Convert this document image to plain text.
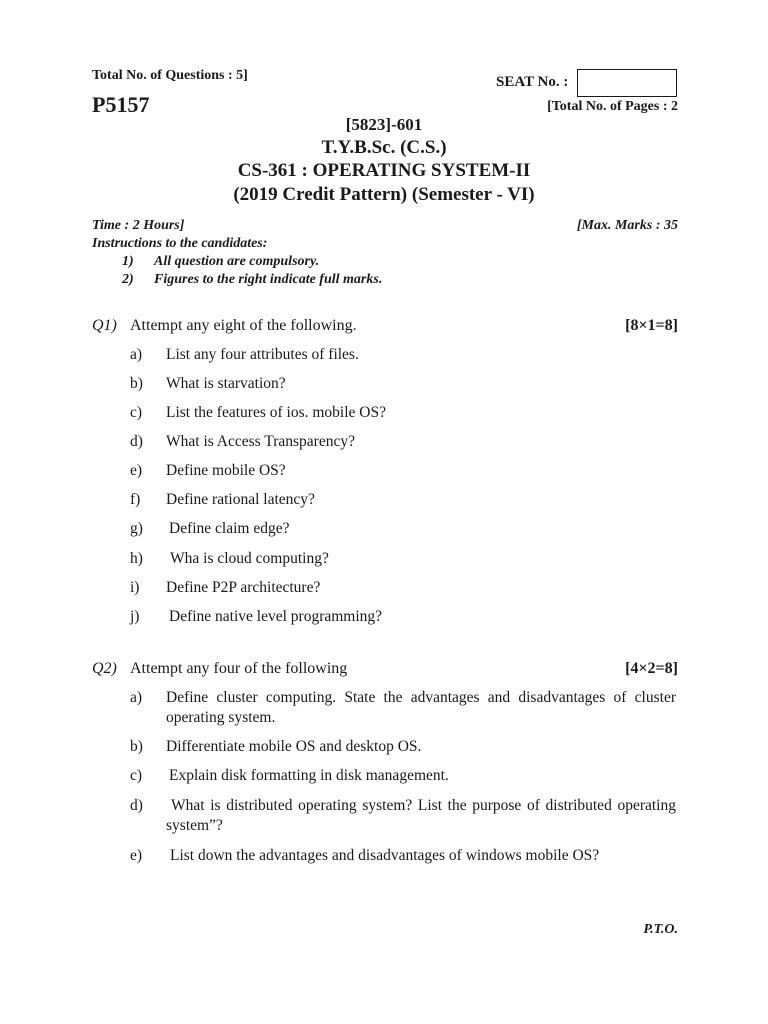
Total No. of Questions : 5]	SEAT No. :
P5157	[Total No. of Pages : 2
[5823]-601
T.Y.B.Sc. (C.S.)
CS-361 : OPERATING SYSTEM-II
(2019 Credit Pattern) (Semester - VI)
Time : 2 Hours]	[Max. Marks : 35
Instructions to the candidates:
1) All question are compulsory.
2) Figures to the right indicate full marks.
Q1) Attempt any eight of the following.	[8×1=8]
a) List any four attributes of files.
b) What is starvation?
c) List the features of ios. mobile OS?
d) What is Access Transparency?
e) Define mobile OS?
f) Define rational latency?
g) Define claim edge?
h) Wha is cloud computing?
i) Define P2P architecture?
j) Define native level programming?
Q2) Attempt any four of the following	[4×2=8]
a) Define cluster computing. State the advantages and disadvantages of cluster operating system.
b) Differentiate mobile OS and desktop OS.
c) Explain disk formatting in disk management.
d)	What is distributed operating system? List the purpose of distributed operating system”?
e) List down the advantages and disadvantages of windows mobile OS?
P.T.O.
